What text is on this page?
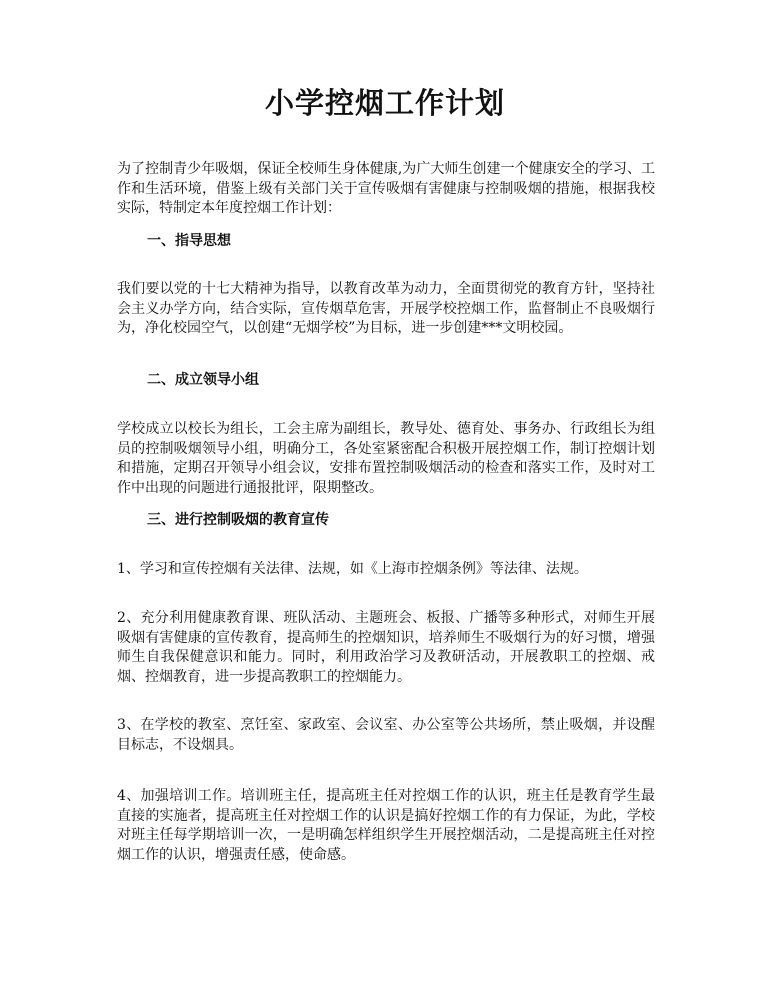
小学控烟工作计划

为了控制青少年吸烟，保证全校师生身体健康,为广大师生创建一个健康安全的学习、工作和生活环境，借鉴上级有关部门关于宣传吸烟有害健康与控制吸烟的措施，根据我校实际，特制定本年度控烟工作计划：

一、指导思想

我们要以党的十七大精神为指导，以教育改革为动力，全面贯彻党的教育方针，坚持社会主义办学方向，结合实际，宣传烟草危害，开展学校控烟工作，监督制止不良吸烟行为，净化校园空气，以创建“无烟学校”为目标，进一步创建***文明校园。

二、成立领导小组

学校成立以校长为组长，工会主席为副组长，教导处、德育处、事务办、行政组长为组员的控制吸烟领导小组，明确分工，各处室紧密配合积极开展控烟工作，制订控烟计划和措施，定期召开领导小组会议，安排布置控制吸烟活动的检查和落实工作，及时对工作中出现的问题进行通报批评，限期整改。

三、进行控制吸烟的教育宣传

1、学习和宣传控烟有关法律、法规，如《上海市控烟条例》等法律、法规。

2、充分利用健康教育课、班队活动、主题班会、板报、广播等多种形式，对师生开展吸烟有害健康的宣传教育，提高师生的控烟知识，培养师生不吸烟行为的好习惯，增强师生自我保健意识和能力。同时，利用政治学习及教研活动，开展教职工的控烟、戒烟、控烟教育，进一步提高教职工的控烟能力。

3、在学校的教室、烹饪室、家政室、会议室、办公室等公共场所，禁止吸烟，并设醒目标志，不设烟具。

4、加强培训工作。培训班主任，提高班主任对控烟工作的认识，班主任是教育学生最直接的实施者，提高班主任对控烟工作的认识是搞好控烟工作的有力保证，为此，学校对班主任每学期培训一次，一是明确怎样组织学生开展控烟活动，二是提高班主任对控烟工作的认识，增强责任感，使命感。
